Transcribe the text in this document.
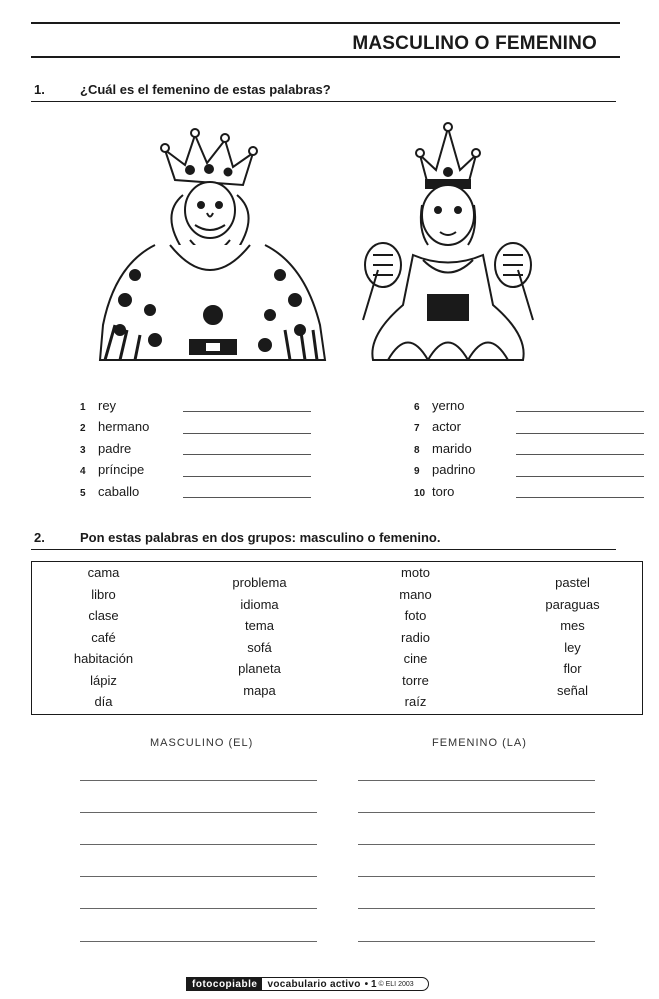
MASCULINO O FEMENINO
1.	¿Cuál es el femenino de estas palabras?
1 rey
2 hermano
3 padre
4 príncipe
5 caballo
6 yerno
7 actor
8 marido
9 padrino
10 toro
2.	Pon estas palabras en dos grupos: masculino o femenino.
cama
libro
clase
café
habitación
lápiz
día
problema
idioma
tema
sofá
planeta
mapa
moto
mano
foto
radio
cine
torre
raíz
pastel
paraguas
mes
ley
flor
señal
MASCULINO (EL)	FEMENINO (LA)
fotocopiable	vocabulario activo • 1 © ELI 2003
